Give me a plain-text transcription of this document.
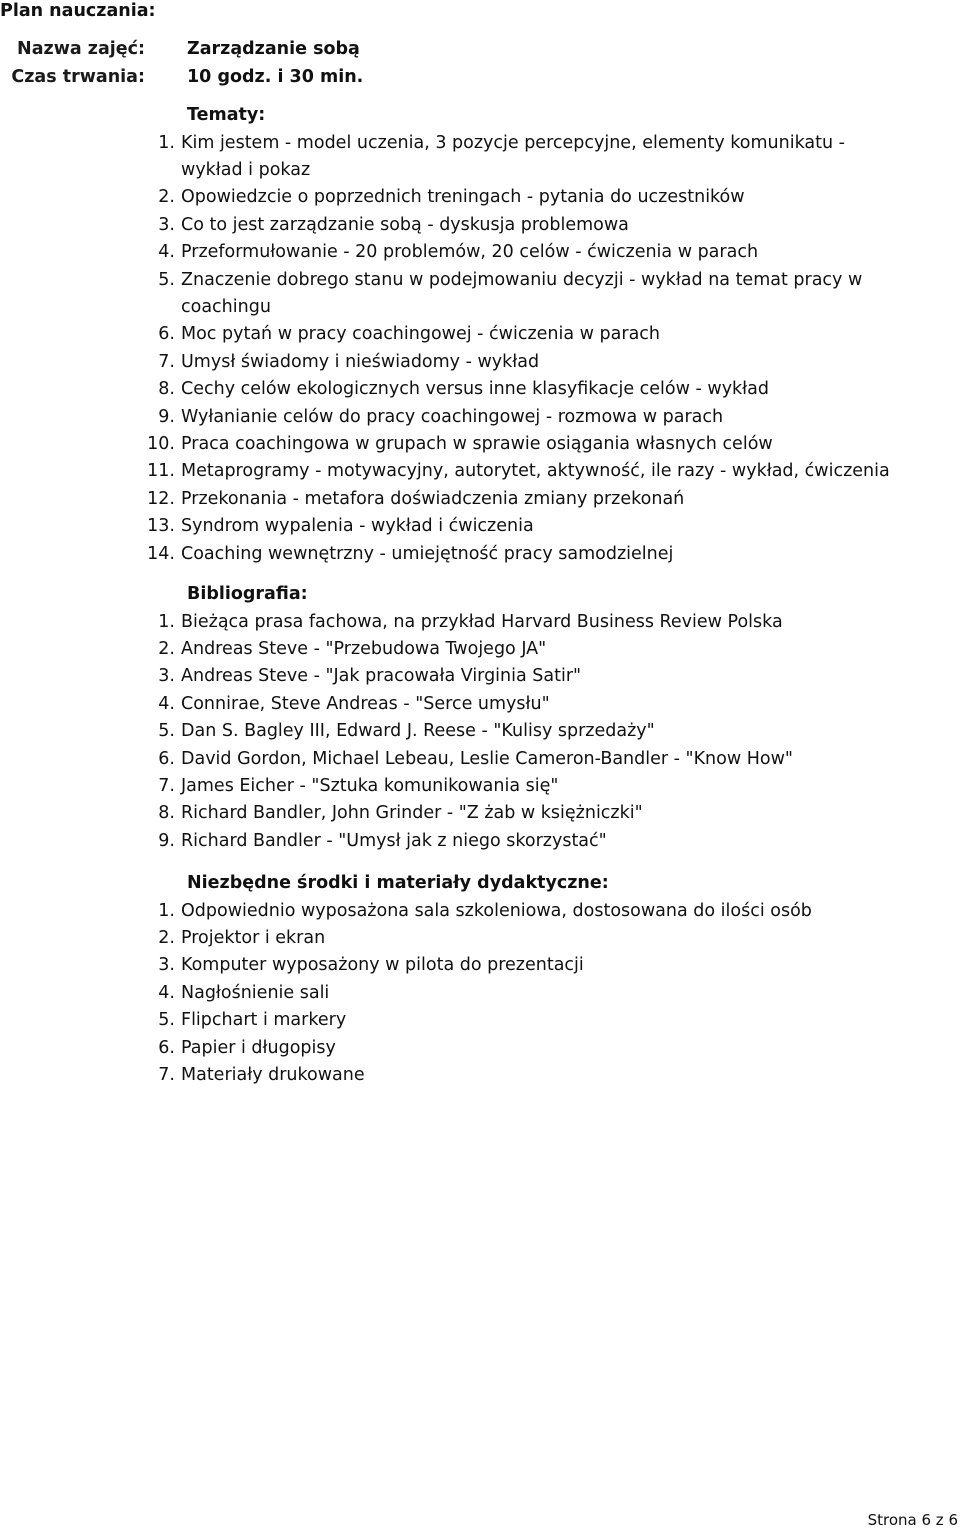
Plan nauczania:
Nazwa zajęć: Zarządzanie sobą
Czas trwania: 10 godz. i 30 min.
Tematy:
1. Kim jestem - model uczenia, 3 pozycje percepcyjne, elementy komunikatu - wykład i pokaz
2. Opowiedzcie o poprzednich treningach - pytania do uczestników
3. Co to jest zarządzanie sobą - dyskusja problemowa
4. Przeformułowanie - 20 problemów, 20 celów - ćwiczenia w parach
5. Znaczenie dobrego stanu w podejmowaniu decyzji - wykład na temat pracy w coachingu
6. Moc pytań w pracy coachingowej - ćwiczenia w parach
7. Umysł świadomy i nieświadomy - wykład
8. Cechy celów ekologicznych versus inne klasyfikacje celów - wykład
9. Wyłanianie celów do pracy coachingowej - rozmowa w parach
10. Praca coachingowa w grupach w sprawie osiągania własnych celów
11. Metaprogramy - motywacyjny, autorytet, aktywność, ile razy - wykład, ćwiczenia
12. Przekonania - metafora doświadczenia zmiany przekonań
13. Syndrom wypalenia - wykład i ćwiczenia
14. Coaching wewnętrzny - umiejętność pracy samodzielnej
Bibliografia:
1. Bieżąca prasa fachowa, na przykład Harvard Business Review Polska
2. Andreas Steve - "Przebudowa Twojego JA"
3. Andreas Steve - "Jak pracowała Virginia Satir"
4. Connirae, Steve Andreas - "Serce umysłu"
5. Dan S. Bagley III, Edward J. Reese - "Kulisy sprzedaży"
6. David Gordon, Michael Lebeau, Leslie Cameron-Bandler - "Know How"
7. James Eicher - "Sztuka komunikowania się"
8. Richard Bandler, John Grinder - "Z żab w księżniczki"
9. Richard Bandler - "Umysł jak z niego skorzystać"
Niezbędne środki i materiały dydaktyczne:
1. Odpowiednio wyposażona sala szkoleniowa, dostosowana do ilości osób
2. Projektor i ekran
3. Komputer wyposażony w pilota do prezentacji
4. Nagłośnienie sali
5. Flipchart i markery
6. Papier i długopisy
7. Materiały drukowane
Strona 6 z 6
